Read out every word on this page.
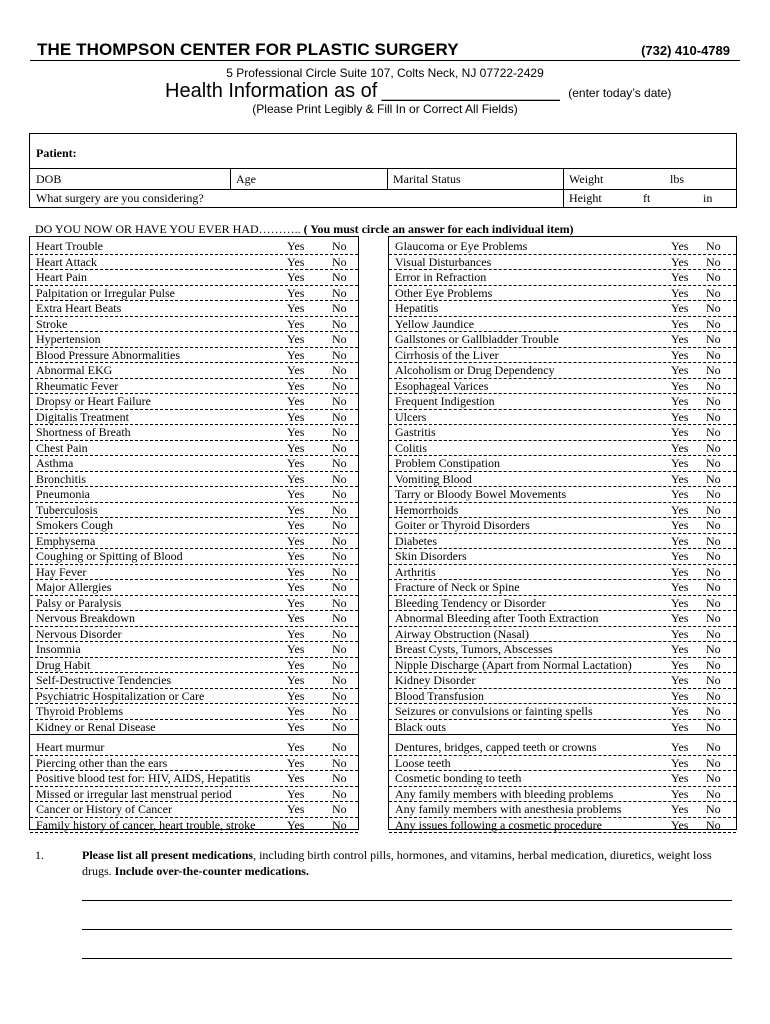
THE THOMPSON CENTER FOR PLASTIC SURGERY	(732) 410-4789
5 Professional Circle Suite 107, Colts Neck, NJ 07722-2429
Health Information as of ________________ (enter today’s date)
(Please Print Legibly & Fill In or Correct All Fields)
Patient:
DOB	Age	Marital Status	Weight	lbs
What surgery are you considering?	Height	ft	in
DO YOU NOW OR HAVE YOU EVER HAD……….. ( You must circle an answer for each individual item)
Heart Trouble	Yes No
Heart Attack	Yes No
Heart Pain	Yes No
Palpitation or Irregular Pulse	Yes No
Extra Heart Beats	Yes No
Stroke	Yes No
Hypertension	Yes No
Blood Pressure Abnormalities	Yes No
Abnormal EKG	Yes No
Rheumatic Fever	Yes No
Dropsy or Heart Failure	Yes No
Digitalis Treatment	Yes No
Shortness of Breath	Yes No
Chest Pain	Yes No
Asthma	Yes No
Bronchitis	Yes No
Pneumonia	Yes No
Tuberculosis	Yes No
Smokers Cough	Yes No
Emphysema	Yes No
Coughing or Spitting of Blood	Yes No
Hay Fever	Yes No
Major Allergies	Yes No
Palsy or Paralysis	Yes No
Nervous Breakdown	Yes No
Nervous Disorder	Yes No
Insomnia	Yes No
Drug Habit	Yes No
Self-Destructive Tendencies	Yes No
Psychiatric Hospitalization or Care	Yes No
Thyroid Problems	Yes No
Kidney or Renal Disease	Yes No
Heart murmur	Yes No
Piercing other than the ears	Yes No
Positive blood test for: HIV, AIDS, Hepatitis	Yes No
Missed or irregular last menstrual period	Yes No
Cancer or History of Cancer	Yes No
Family history of cancer, heart trouble, stroke	Yes No
Glaucoma or Eye Problems	Yes No
Visual Disturbances	Yes No
Error in Refraction	Yes No
Other Eye Problems	Yes No
Hepatitis	Yes No
Yellow Jaundice	Yes No
Gallstones or Gallbladder Trouble	Yes No
Cirrhosis of the Liver	Yes No
Alcoholism or Drug Dependency	Yes No
Esophageal Varices	Yes No
Frequent Indigestion	Yes No
Ulcers	Yes No
Gastritis	Yes No
Colitis	Yes No
Problem Constipation	Yes No
Vomiting Blood	Yes No
Tarry or Bloody Bowel Movements	Yes No
Hemorrhoids	Yes No
Goiter or Thyroid Disorders	Yes No
Diabetes	Yes No
Skin Disorders	Yes No
Arthritis	Yes No
Fracture of Neck or Spine	Yes No
Bleeding Tendency or Disorder	Yes No
Abnormal Bleeding after Tooth Extraction	Yes No
Airway Obstruction (Nasal)	Yes No
Breast Cysts, Tumors, Abscesses	Yes No
Nipple Discharge (Apart from Normal Lactation)	Yes No
Kidney Disorder	Yes No
Blood Transfusion	Yes No
Seizures or convulsions or fainting spells	Yes No
Black outs	Yes No
Dentures, bridges, capped teeth or crowns	Yes No
Loose teeth	Yes No
Cosmetic bonding to teeth	Yes No
Any family members with bleeding problems	Yes No
Any family members with anesthesia problems	Yes No
Any issues following a cosmetic procedure	Yes No
1.	Please list all present medications, including birth control pills, hormones, and vitamins, herbal medication, diuretics, weight loss drugs. Include over-the-counter medications.
